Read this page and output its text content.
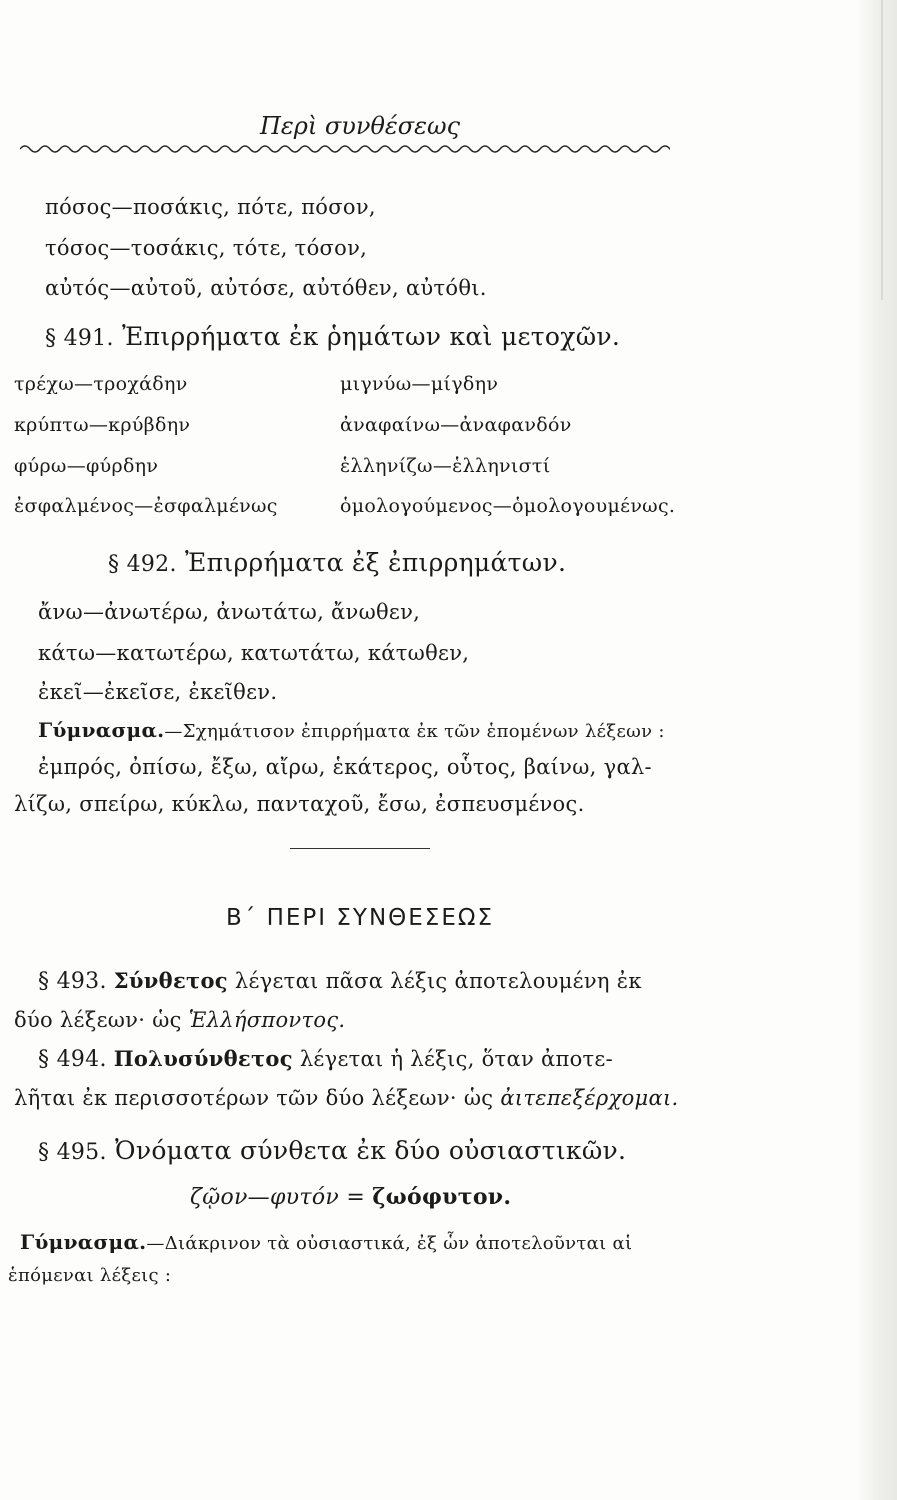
Περὶ συνθέσεως
πόσος—ποσάκις, πότε, πόσον,
τόσος—τοσάκις, τότε, τόσον,
αὐτός—αὐτοῦ, αὐτόσε, αὐτόθεν, αὐτόθι.
§ 491. Ἐπιρρήματα ἐκ ῥημάτων καὶ μετοχῶν.
τρέχω—τροχάδην
κρύπτω—κρύβδην
φύρω—φύρδην
ἐσφαλμένος—ἐσφαλμένως
μιγνύω—μίγδην
ἀναφαίνω—ἀναφανδόν
ἑλληνίζω—ἑλληνιστί
ὁμολογούμενος—ὁμολογουμένως.
§ 492. Ἐπιρρήματα ἐξ ἐπιρρημάτων.
ἄνω—ἀνωτέρω, ἀνωτάτω, ἄνωθεν,
κάτω—κατωτέρω, κατωτάτω, κάτωθεν,
ἐκεῖ—ἐκεῖσε, ἐκεῖθεν.
Γύμνασμα.—Σχημάτισον ἐπιρρήματα ἐκ τῶν ἑπομένων λέξεων :
ἐμπρός, ὀπίσω, ἔξω, αἴρω, ἑκάτερος, οὗτος, βαίνω, γαλ-
λίζω, σπείρω, κύκλω, πανταχοῦ, ἔσω, ἐσπευσμένος.
Β΄ ΠΕΡΙ ΣΥΝΘΕΣΕΩΣ
§ 493. Σύνθετος λέγεται πᾶσα λέξις ἀποτελουμένη ἐκ
δύο λέξεων· ὡς Ἑλλήσποντος.
§ 494. Πολυσύνθετος λέγεται ἡ λέξις, ὅταν ἀποτε-
λῆται ἐκ περισσοτέρων τῶν δύο λέξεων· ὡς ἀιτεπεξέρχομαι.
§ 495. Ὀνόματα σύνθετα ἐκ δύο οὐσιαστικῶν.
ζῷον—φυτόν = ζωόφυτον.
Γύμνασμα.—Διάκρινον τὰ οὐσιαστικά, ἐξ ὧν ἀποτελοῦνται αἱ
ἑπόμεναι λέξεις :
